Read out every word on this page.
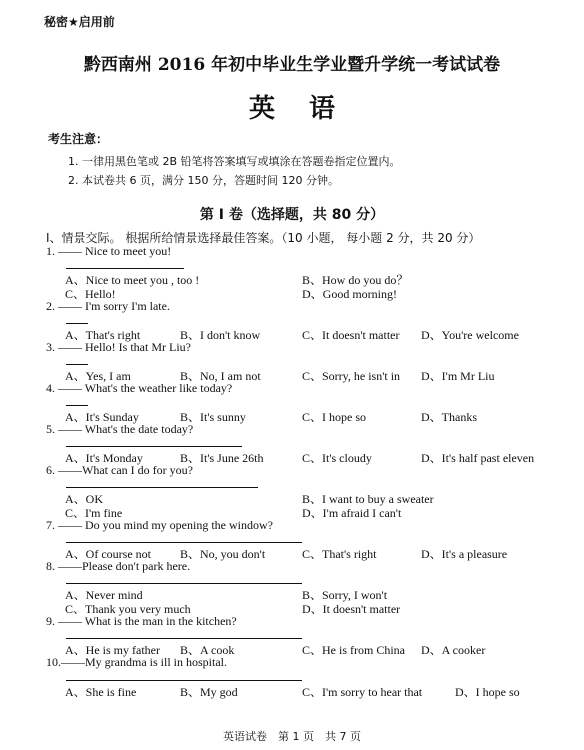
秘密★启用前
黔西南州 2016 年初中毕业生学业暨升学统一考试试卷
英语
考生注意：
1. 一律用黑色笔或 2B 铅笔将答案填写或填涂在答题卷指定位置内。
2. 本试卷共 6 页，满分 150 分，答题时间 120 分钟。
第 I 卷（选择题，共 80 分）
I、情景交际。 根据所给情景选择最佳答案。（10 小题， 每小题 2 分，共 20 分）
1. —— Nice to meet you!
A、Nice to meet you , too !	B、How do you do？
C、Hello!	D、Good morning!
2. —— I'm sorry I'm late.
A、That's right	B、I don't know	C、It doesn't matter D、You're welcome
3. —— Hello! Is that Mr Liu?
A、Yes, I am	B、No, I am not	C、Sorry, he isn't in D、I'm Mr Liu
4. —— What's the weather like today?
A、It's Sunday	B、It's sunny	C、I hope so	D、Thanks
5. —— What's the date today?
A、It's Monday	B、It's June 26th	C、It's cloudy	D、It's half past eleven
6. ——What can I do for you?
A、OK	B、I want to buy a sweater
C、I'm fine	D、I'm afraid I can't
7. —— Do you mind my opening the window?
A、Of course not B、No, you don't	C、That's right	D、It's a pleasure
8. ——Please don't park here.
A、Never mind	B、Sorry, I won't
C、Thank you very much	D、It doesn't matter
9. —— What is the man in the kitchen?
A、He is my father B、A cook	C、He is from China D、A cooker
10.——My grandma is ill in hospital.
A、She is fine	B、My god	C、I'm sorry to hear that	D、I hope so
英语试卷　第 1 页　共 7 页
